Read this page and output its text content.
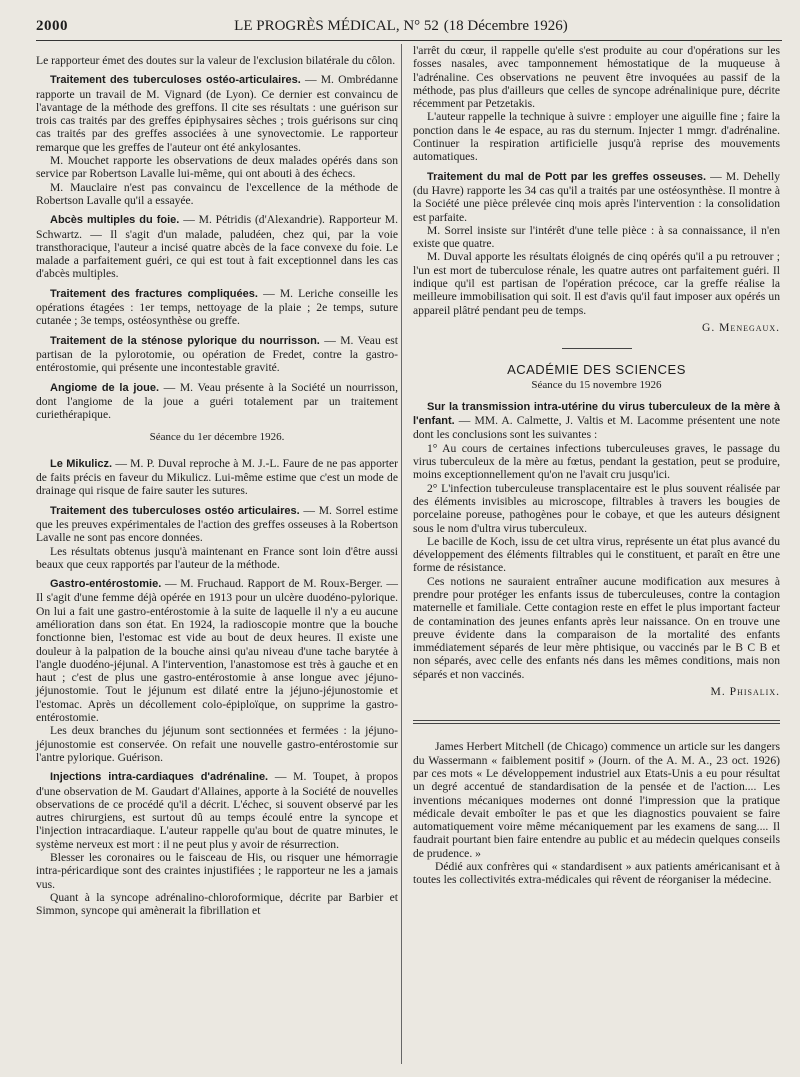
LE PROGRÈS MÉDICAL, N° 52 (18 Décembre 1926)
2000

Le rapporteur émet des doutes sur la valeur de l'exclusion bilatérale du côlon.

Traitement des tuberculoses ostéo-articulaires. — M. Ombrédanne rapporte un travail de M. Vignard (de Lyon). Ce dernier est convaincu de l'avantage de la méthode des greffons. Il cite ses résultats : une guérison sur trois cas traités par des greffes épiphysaires sèches ; trois guérisons sur cinq cas traités par des greffes associées à une synovectomie. Le rapporteur remarque que les greffes de l'auteur ont été ankylosantes.

M. Mouchet rapporte les observations de deux malades opérés dans son service par Robertson Lavalle lui-même, qui ont abouti à des échecs.

M. Mauclaire n'est pas convaincu de l'excellence de la méthode de Robertson Lavalle qu'il a essayée.

Abcès multiples du foie. — M. Pétridis (d'Alexandrie). Rapporteur M. Schwartz. — Il s'agit d'un malade, paludéen, chez qui, par la voie transthoracique, l'auteur a incisé quatre abcès de la face convexe du foie. Le malade a parfaitement guéri, ce qui est tout à fait exceptionnel dans les cas d'abcès multiples.

Traitement des fractures compliquées. — M. Leriche conseille les opérations étagées : 1er temps, nettoyage de la plaie ; 2e temps, suture cutanée ; 3e temps, ostéosynthèse ou greffe.

Traitement de la sténose pylorique du nourrisson. — M. Veau est partisan de la pylorotomie, ou opération de Fredet, contre la gastro-entérostomie, qui présente une incontestable gravité.

Angiome de la joue. — M. Veau présente à la Société un nourrisson, dont l'angiome de la joue a guéri totalement par un traitement curiethérapique.

Séance du 1er décembre 1926.

Le Mikulicz. — M. P. Duval reproche à M. J.-L. Faure de ne pas apporter de faits précis en faveur du Mikulicz. Lui-même estime que c'est un mode de drainage qui risque de faire sauter les sutures.

Traitement des tuberculoses ostéo articulaires. — M. Sorrel estime que les preuves expérimentales de l'action des greffes osseuses à la Robertson Lavalle ne sont pas encore données.

Les résultats obtenus jusqu'à maintenant en France sont loin d'être aussi beaux que ceux rapportés par l'auteur de la méthode.

Gastro-entérostomie. — M. Fruchaud. Rapport de M. Roux-Berger. — Il s'agit d'une femme déjà opérée en 1913 pour un ulcère duodéno-pylorique. On lui a fait une gastro-entérostomie à la suite de laquelle il n'y a eu aucune amélioration dans son état. En 1924, la radioscopie montre que la bouche fonctionne bien, l'estomac est vide au bout de deux heures. Il existe une douleur à la palpation de la bouche ainsi qu'au niveau d'une tache barytée à l'angle duodéno-jéjunal. A l'intervention, l'anastomose est très à gauche et en haut ; c'est de plus une gastro-entérostomie à anse longue avec jéjuno-jéjunostomie. Tout le jéjunum est dilaté entre la jéjuno-jéjunostomie et l'estomac. Après un décollement colo-épiploïque, on supprime la gastro-entérostomie.

Les deux branches du jéjunum sont sectionnées et fermées : la jéjuno-jéjunostomie est conservée. On refait une nouvelle gastro-entérostomie sur l'antre pylorique. Guérison.

Injections intra-cardiaques d'adrénaline. — M. Toupet, à propos d'une observation de M. Gaudart d'Allaines, apporte à la Société de nouvelles observations de ce procédé qu'il a décrit. L'échec, si souvent observé par les autres chirurgiens, est surtout dû au temps écoulé entre la syncope et l'injection intracardiaque. L'auteur rappelle qu'au bout de quatre minutes, le système nerveux est mort : il ne peut plus y avoir de résurrection.

Blesser les coronaires ou le faisceau de His, ou risquer une hémorragie intra-péricardique sont des craintes injustifiées ; le rapporteur ne les a jamais vus.

Quant à la syncope adrénalino-chloroformique, décrite par Barbier et Simmon, syncope qui amènerait la fibrillation et

l'arrêt du cœur, il rappelle qu'elle s'est produite au cour d'opérations sur les fosses nasales, avec tamponnement hémostatique de la muqueuse à l'adrénaline. Ces observations ne peuvent être invoquées au passif de la méthode, pas plus d'ailleurs que celles de syncope adrénalinique pure, décrite récemment par Petzetakis.

L'auteur rappelle la technique à suivre : employer une aiguille fine ; faire la ponction dans le 4e espace, au ras du sternum. Injecter 1 mmgr. d'adrénaline. Continuer la respiration artificielle jusqu'à reprise des mouvements automatiques.

Traitement du mal de Pott par les greffes osseuses. — M. Dehelly (du Havre) rapporte les 34 cas qu'il a traités par une ostéosynthèse. Il montre à la Société une pièce prélevée cinq mois après l'intervention : la consolidation est parfaite.

M. Sorrel insiste sur l'intérêt d'une telle pièce : à sa connaissance, il n'en existe que quatre.

M. Duval apporte les résultats éloignés de cinq opérés qu'il a pu retrouver ; l'un est mort de tuberculose rénale, les quatre autres ont parfaitement guéri. Il indique qu'il est partisan de l'opération précoce, car la greffe réalise la meilleure immobilisation qui soit. Il est d'avis qu'il faut imposer aux opérés un appareil plâtré pendant peu de temps.

G. Menegaux.
ACADÉMIE DES SCIENCES
Séance du 15 novembre 1926

Sur la transmission intra-utérine du virus tuberculeux de la mère à l'enfant. — MM. A. Calmette, J. Valtis et M. Lacomme présentent une note dont les conclusions sont les suivantes :

1° Au cours de certaines infections tuberculeuses graves, le passage du virus tuberculeux de la mère au fœtus, pendant la gestation, peut se produire, moins exceptionnellement qu'on ne l'avait cru jusqu'ici.

2° L'infection tuberculeuse transplacentaire est le plus souvent réalisée par des éléments invisibles au microscope, filtrables à travers les bougies de porcelaine poreuse, pathogènes pour le cobaye, et que les auteurs désignent sous le nom d'ultra virus tuberculeux.

Le bacille de Koch, issu de cet ultra virus, représente un état plus avancé du développement des éléments filtrables qui le constituent, et paraît en être une forme de résistance.

Ces notions ne sauraient entraîner aucune modification aux mesures à prendre pour protéger les enfants issus de tuberculeuses, contre la contagion maternelle et familiale. Cette contagion reste en effet le plus important facteur de contamination des jeunes enfants après leur naissance. On en trouve une preuve évidente dans la comparaison de la mortalité des enfants immédiatement séparés de leur mère phtisique, ou vaccinés par le B C B et non séparés, avec celle des enfants nés dans les mêmes conditions, mais non séparés et non vaccinés.

M. Phisalix.

James Herbert Mitchell (de Chicago) commence un article sur les dangers du Wassermann « faiblement positif » (Journ. of the A. M. A., 23 oct. 1926) par ces mots « Le développement industriel aux Etats-Unis a eu pour résultat un degré accentué de standardisation de la pensée et de l'action.... Les inventions mécaniques modernes ont donné l'impression que la pratique médicale devait emboîter le pas et que les diagnostics pouvaient se faire automatiquement voire même mécaniquement par les examens de sang.... Il faudrait pourtant bien faire entendre au public et au médecin quelques conseils de prudence. »

Dédié aux confrères qui « standardisent » aux patients américanisant et à toutes les collectivités extra-médicales qui rêvent de réorganiser la médecine.
